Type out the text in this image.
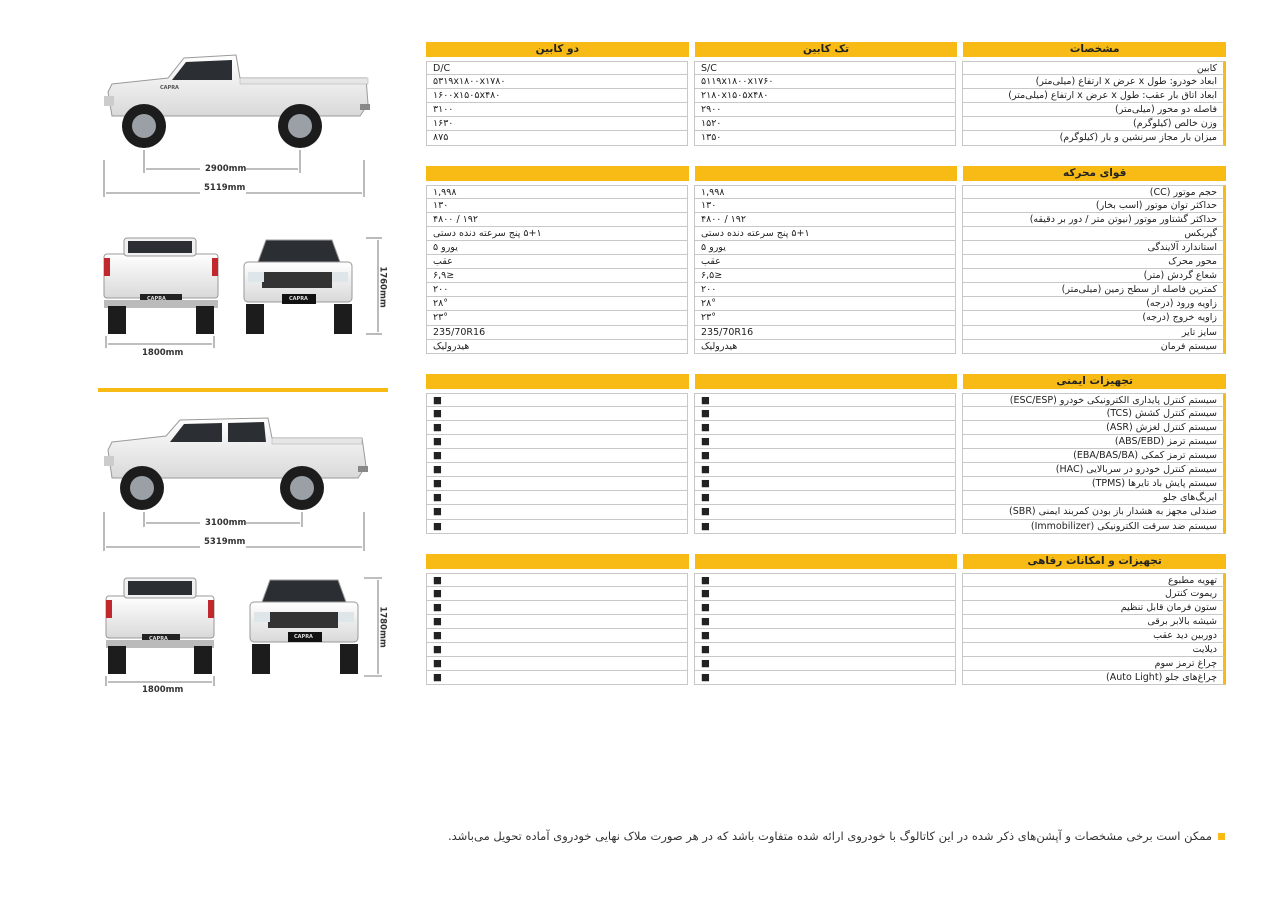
CAPRA
CAPRA	CAPRA
CAPRA	CAPRA
2900mm
5119mm
1800mm
1760mm
3100mm
5319mm
1800mm
1780mm
مشخصات
تک کابین
دو کابین
کابین
S/C
D/C
ابعاد خودرو: طول x عرض x ارتفاع (میلی‌متر)
۵۱۱۹x۱۸۰۰x۱۷۶۰
۵۳۱۹x۱۸۰۰x۱۷۸۰
ابعاد اتاق بار عقب: طول x عرض x ارتفاع (میلی‌متر)
۲۱۸۰x۱۵۰۵x۴۸۰
۱۶۰۰x۱۵۰۵x۴۸۰
فاصله دو محور (میلی‌متر)
۲۹۰۰
۳۱۰۰
وزن خالص (کیلوگرم)
۱۵۲۰
۱۶۳۰
میزان بار مجاز سرنشین و بار (کیلوگرم)
۱۳۵۰
۸۷۵
قوای محرکه
حجم موتور (CC)
۱,۹۹۸
۱,۹۹۸
حداکثر توان موتور (اسب بخار)
۱۳۰
۱۳۰
حداکثر گشتاور موتور (نیوتن متر / دور بر دقیقه)
۱۹۲ / ۴۸۰۰
۱۹۲ / ۴۸۰۰
گیربکس
۵+۱ پنج سرعته دنده دستی
۵+۱ پنج سرعته دنده دستی
استاندارد آلایندگی
یورو ۵
یورو ۵
محور محرک
عقب
عقب
شعاع گردش (متر)
≤۶,۵
≤۶,۹
کمترین فاصله از سطح زمین (میلی‌متر)
۲۰۰
۲۰۰
زاویه ورود (درجه)
۲۸°
۲۸°
زاویه خروج (درجه)
۲۳°
۲۳°
سایز تایر
235/70R16
235/70R16
سیستم فرمان
هیدرولیک
هیدرولیک
تجهیزات ایمنی
سیستم کنترل پایداری الکترونیکی خودرو (ESC/ESP)
■
■
سیستم کنترل کشش (TCS)
■
■
سیستم کنترل لغزش (ASR)
■
■
سیستم ترمز (ABS/EBD)
■
■
سیستم ترمز کمکی (EBA/BAS/BA)
■
■
سیستم کنترل خودرو در سربالایی (HAC)
■
■
سیستم پایش باد تایرها (TPMS)
■
■
ایربگ‌های جلو
■
■
صندلی مجهز به هشدار باز بودن کمربند ایمنی (SBR)
■
■
سیستم ضد سرقت الکترونیکی (Immobilizer)
■
■
تجهیزات و امکانات رفاهی
تهویه مطبوع
■
■
ریموت کنترل
■
■
ستون فرمان قابل تنظیم
■
■
شیشه بالابر برقی
■
■
دوربین دید عقب
■
■
دیلایت
■
■
چراغ ترمز سوم
■
■
چراغ‌های جلو (Auto Light)
■
■
ممکن است برخی مشخصات و آپشن‌های ذکر شده در این کاتالوگ با خودروی ارائه شده متفاوت باشد که در هر صورت ملاک نهایی خودروی آماده تحویل می‌باشد.
